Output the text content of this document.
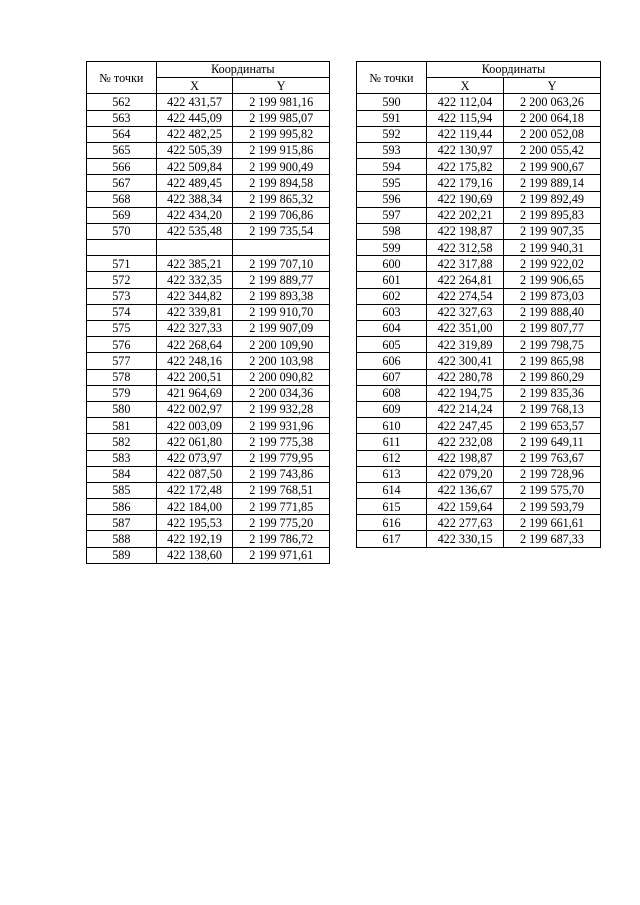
№ точки	Координаты	
	X	Y
562	422 431,57	2 199 981,16
563	422 445,09	2 199 985,07
564	422 482,25	2 199 995,82
565	422 505,39	2 199 915,86
566	422 509,84	2 199 900,49
567	422 489,45	2 199 894,58
568	422 388,34	2 199 865,32
569	422 434,20	2 199 706,86
570	422 535,48	2 199 735,54

571	422 385,21	2 199 707,10
572	422 332,35	2 199 889,77
573	422 344,82	2 199 893,38
574	422 339,81	2 199 910,70
575	422 327,33	2 199 907,09
576	422 268,64	2 200 109,90
577	422 248,16	2 200 103,98
578	422 200,51	2 200 090,82
579	421 964,69	2 200 034,36
580	422 002,97	2 199 932,28
581	422 003,09	2 199 931,96
582	422 061,80	2 199 775,38
583	422 073,97	2 199 779,95
584	422 087,50	2 199 743,86
585	422 172,48	2 199 768,51
586	422 184,00	2 199 771,85
587	422 195,53	2 199 775,20
588	422 192,19	2 199 786,72
589	422 138,60	2 199 971,61
№ точки	Координаты	
	X	Y
590	422 112,04	2 200 063,26
591	422 115,94	2 200 064,18
592	422 119,44	2 200 052,08
593	422 130,97	2 200 055,42
594	422 175,82	2 199 900,67
595	422 179,16	2 199 889,14
596	422 190,69	2 199 892,49
597	422 202,21	2 199 895,83
598	422 198,87	2 199 907,35
599	422 312,58	2 199 940,31
600	422 317,88	2 199 922,02
601	422 264,81	2 199 906,65
602	422 274,54	2 199 873,03
603	422 327,63	2 199 888,40
604	422 351,00	2 199 807,77
605	422 319,89	2 199 798,75
606	422 300,41	2 199 865,98
607	422 280,78	2 199 860,29
608	422 194,75	2 199 835,36
609	422 214,24	2 199 768,13
610	422 247,45	2 199 653,57
611	422 232,08	2 199 649,11
612	422 198,87	2 199 763,67
613	422 079,20	2 199 728,96
614	422 136,67	2 199 575,70
615	422 159,64	2 199 593,79
616	422 277,63	2 199 661,61
617	422 330,15	2 199 687,33
